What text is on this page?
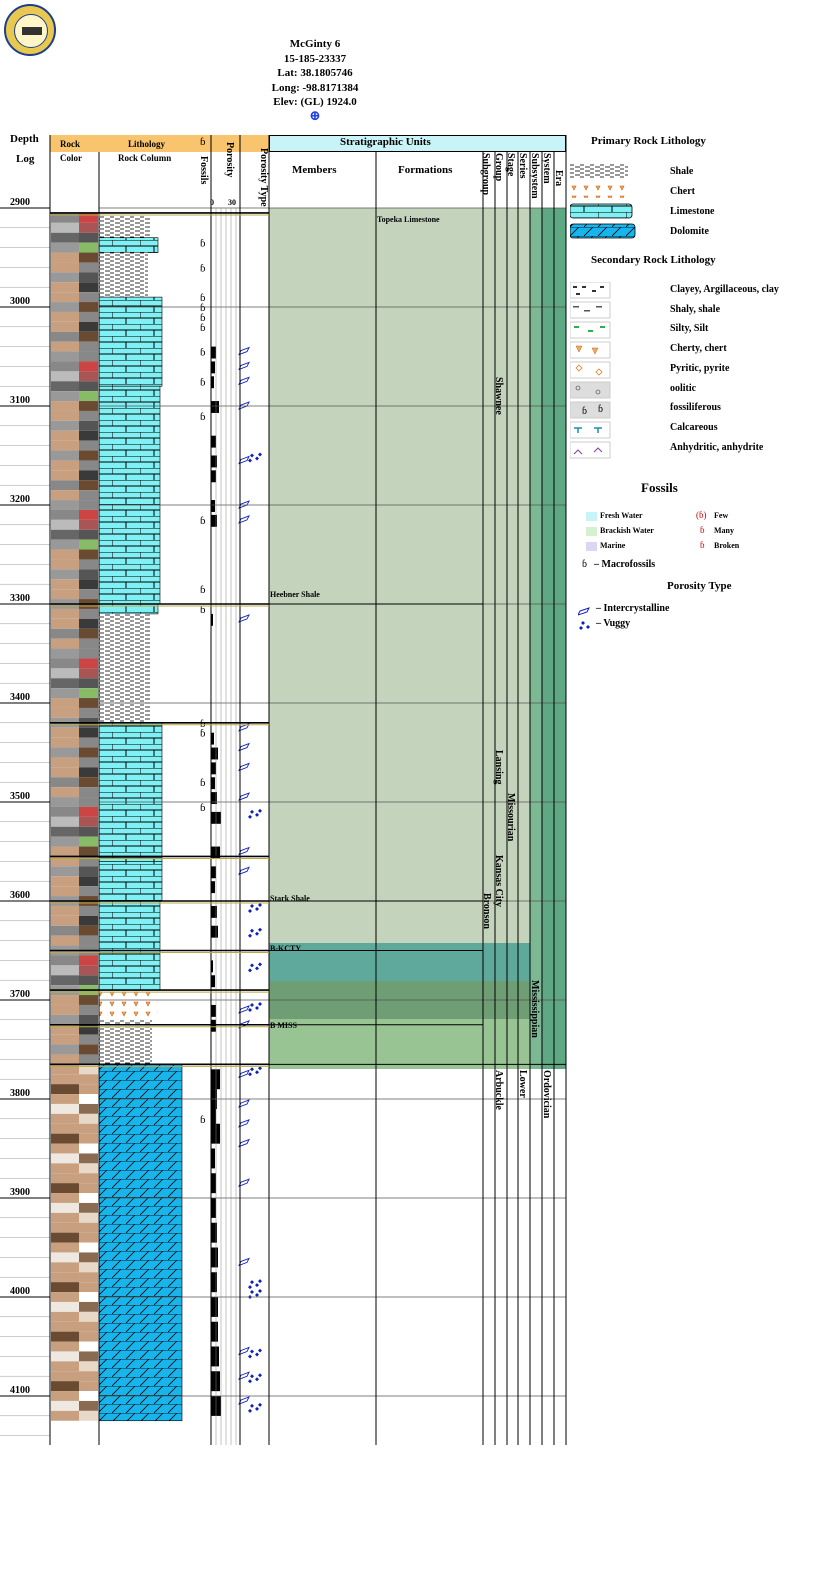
McGinty 6
15-185-23337
Lat: 38.1805746
Long: -98.8171384
Elev: (GL) 1924.0
⊕
Depth
Log
Rock
Color
Lithology
Rock Column
ɓ
Fossils Porosity
0 30	Porosity Type
Stratigraphic Units
Members	Formations	Subgroup Group Stage Series Subsystem System Era
ɓ
ɓ
ɓ
ɓ
ɓ
ɓ
ɓ
ɓ
ɓ
ɓ
ɓ
ɓ
ɓ
ɓ
ɓ
ɓ
ɓ
2900
3000
3100
3200
3300
3400
3500
3600
3700
3800
3900
4000
4100
Topeka Limestone
Heebner Shale
Stark Shale
B-KCTY
B MISS
Shawnee
Lansing
Kansas City
Missourian
Bronson
Mississippian
Arbuckle Lower Ordovician
Primary Rock Lithology
Shale
Chert
Limestone
Dolomite
Secondary Rock Lithology
ɓ ɓ
Clayey, Argillaceous, clay
Shaly, shale
Silty, Silt
Cherty, chert
Pyritic, pyrite
oolitic
fossiliferous
Calcareous
Anhydritic, anhydrite
Fossils
Fresh Water
Brackish Water
Marine
(ɓ)
ɓ
ɓ
Few
Many
Broken
ɓ – Macrofossils
Porosity Type
– Intercrystalline
– Vuggy
